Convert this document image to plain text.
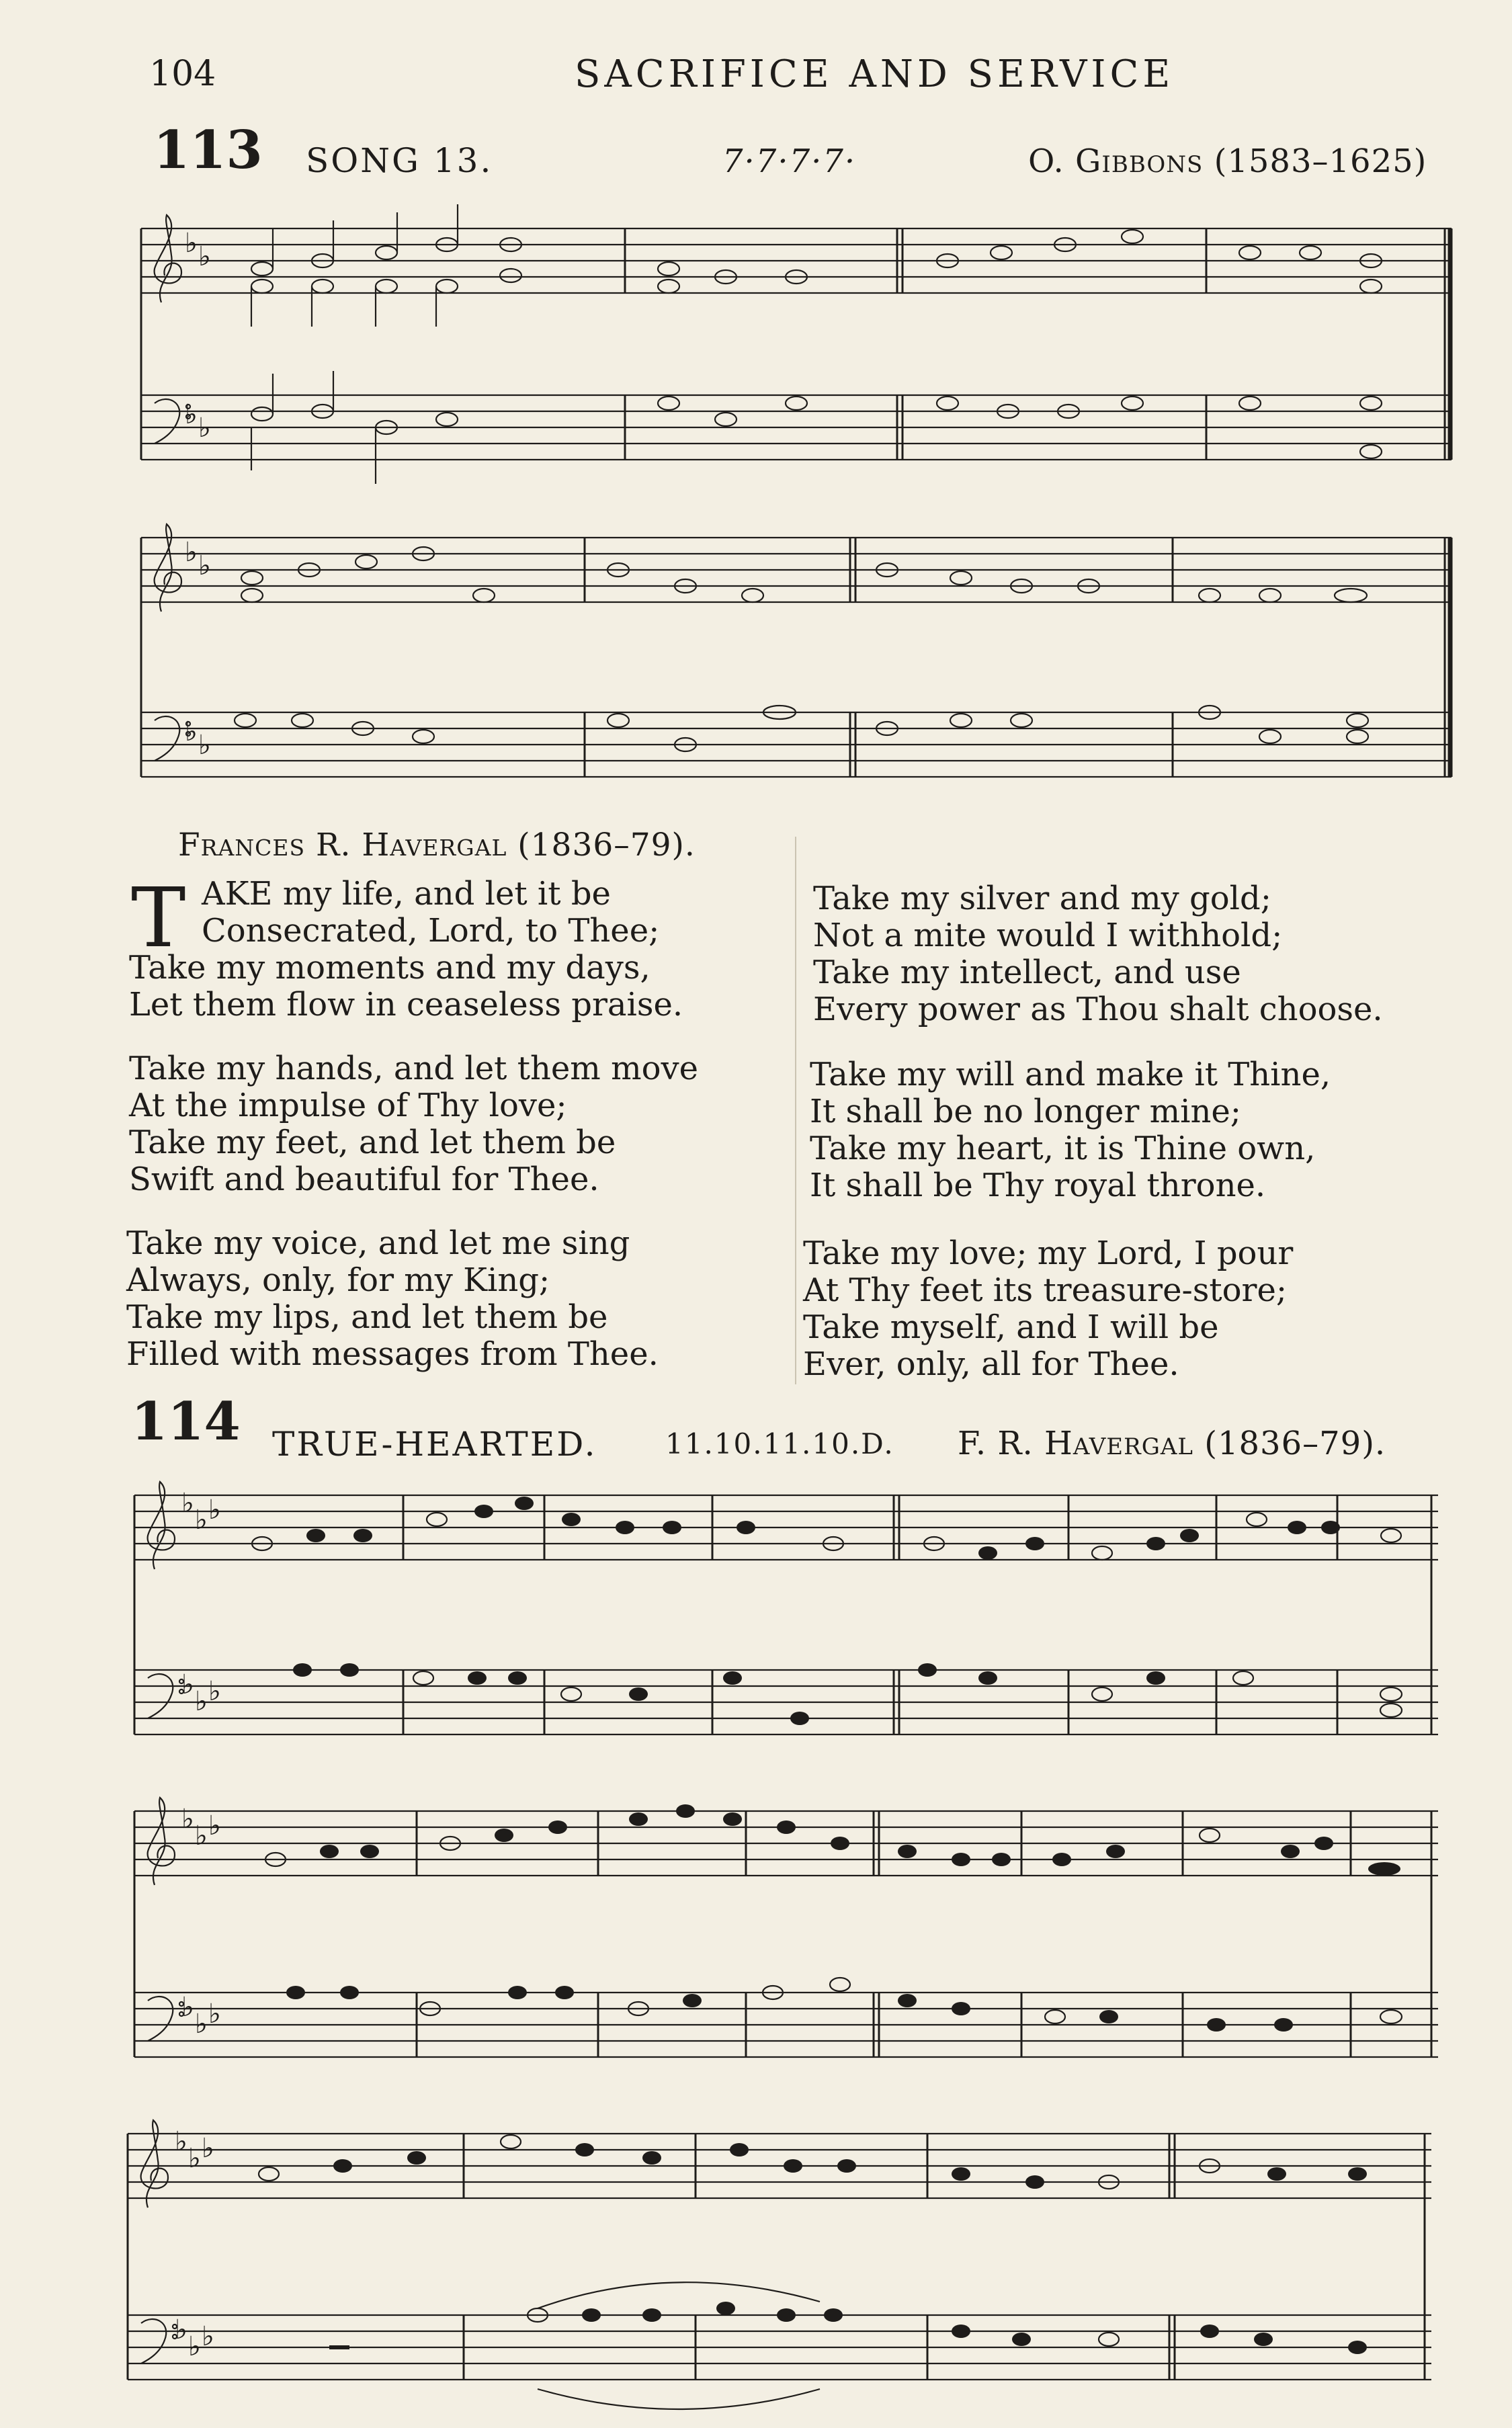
104	SACRIFICE AND SERVICE
113 SONG 13.	7·7·7·7·	O. Gibbons (1583–1625)
♭ ♭
♭ ♭
♭ ♭
♭ ♭
Frances R. Havergal (1836–79).
T AKE my life, and let it be
Consecrated, Lord, to Thee;
Take my moments and my days,
Let them flow in ceaseless praise.
Take my hands, and let them move
At the impulse of Thy love;
Take my feet, and let them be
Swift and beautiful for Thee.
Take my voice, and let me sing
Always, only, for my King;
Take my lips, and let them be
Filled with messages from Thee.
Take my silver and my gold;
Not a mite would I withhold;
Take my intellect, and use
Every power as Thou shalt choose.
Take my will and make it Thine,
It shall be no longer mine;
Take my heart, it is Thine own,
It shall be Thy royal throne.
Take my love; my Lord, I pour
At Thy feet its treasure-store;
Take myself, and I will be
Ever, only, all for Thee.
114 TRUE-HEARTED. 11.10.11.10.D. F. R. Havergal (1836–79).
♭
♭ ♭
♭
♭ ♭
♭
♭ ♭
♭
♭ ♭
♭
♭ ♭
♭
♭ ♭
